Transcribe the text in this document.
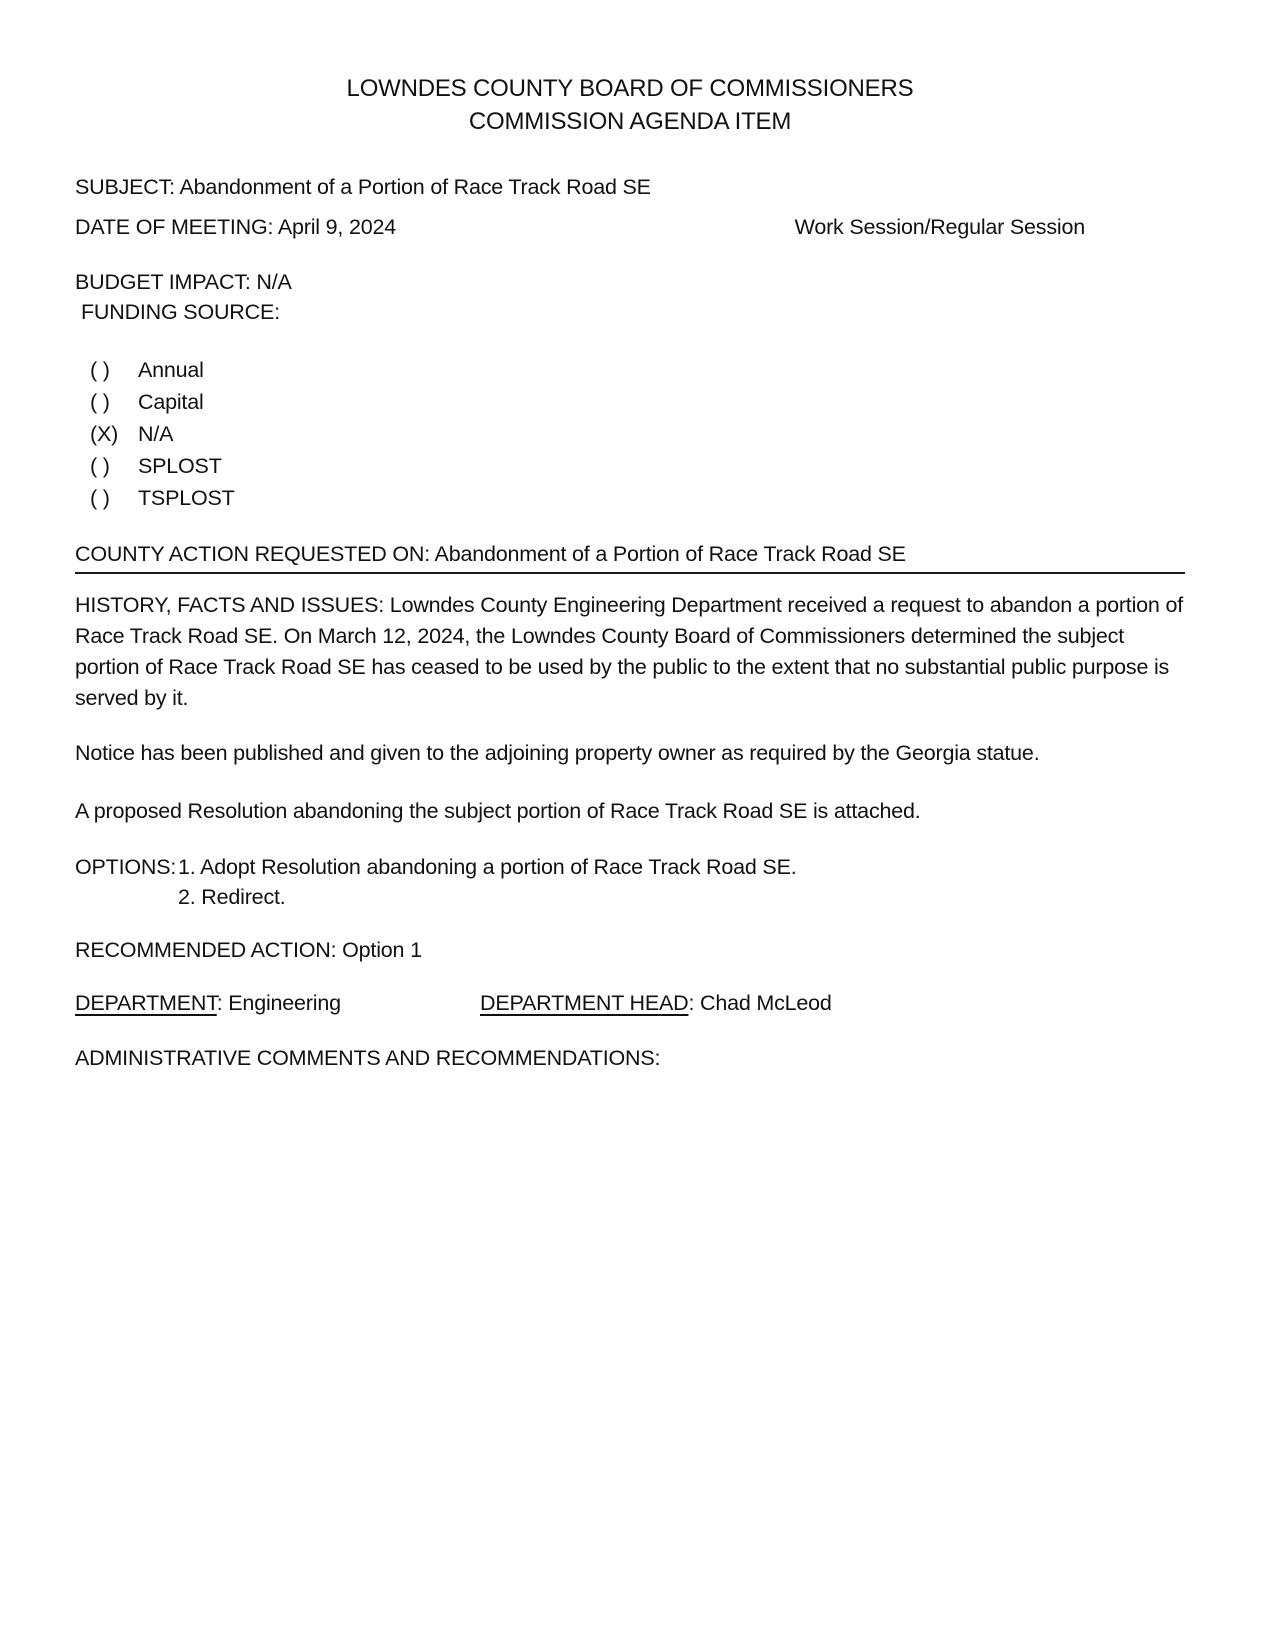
LOWNDES COUNTY BOARD OF COMMISSIONERS
COMMISSION AGENDA ITEM
SUBJECT: Abandonment of a Portion of Race Track Road SE
DATE OF MEETING: April 9, 2024	Work Session/Regular Session
BUDGET IMPACT: N/A
FUNDING SOURCE:
( )	Annual
( )	Capital
(X) N/A
( )	SPLOST
( )	TSPLOST
COUNTY ACTION REQUESTED ON: Abandonment of a Portion of Race Track Road SE

HISTORY, FACTS AND ISSUES: Lowndes County Engineering Department received a request to abandon a portion of Race Track Road SE. On March 12, 2024, the Lowndes County Board of Commissioners determined the subject portion of Race Track Road SE has ceased to be used by the public to the extent that no substantial public purpose is served by it.

Notice has been published and given to the adjoining property owner as required by the Georgia statue.

A proposed Resolution abandoning the subject portion of Race Track Road SE is attached.

OPTIONS: 1. Adopt Resolution abandoning a portion of Race Track Road SE.
2. Redirect.

RECOMMENDED ACTION: Option 1

DEPARTMENT: Engineering	DEPARTMENT HEAD: Chad McLeod

ADMINISTRATIVE COMMENTS AND RECOMMENDATIONS:
